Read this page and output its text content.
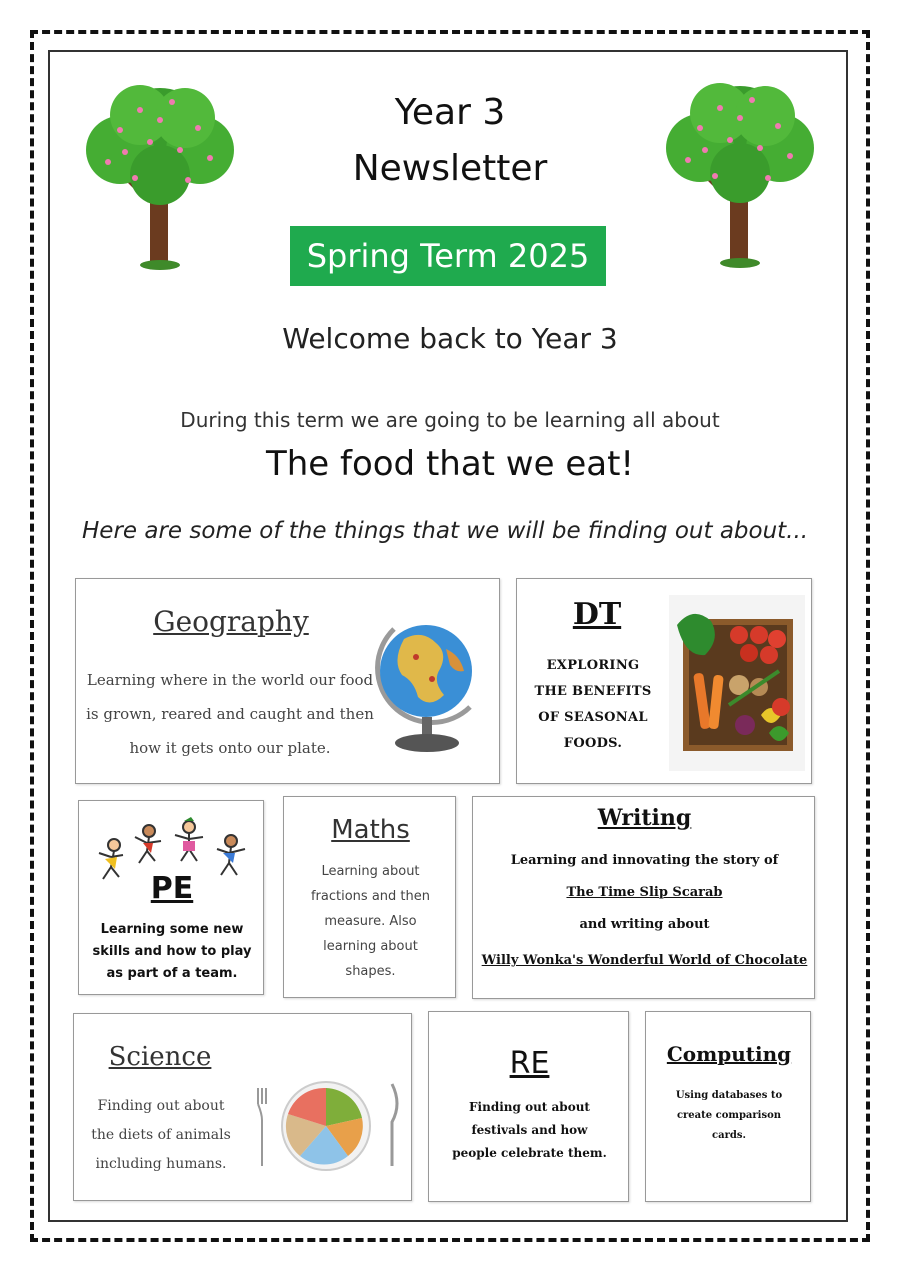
Year 3
Newsletter
Spring Term 2025
Welcome back to Year 3
During this term we are going to be learning all about
The food that we eat!
Here are some of the things that we will be finding out about...
Geography
Learning where in the world our food
is grown, reared and caught and then
how it gets onto our plate.
DT
EXPLORING
THE BENEFITS
OF SEASONAL
FOODS.
PE
Learning some new
skills and how to play
as part of a team.
Maths
Learning about
fractions and then
measure. Also
learning about
shapes.
Writing
Learning and innovating the story of
The Time Slip Scarab
and writing about
Willy Wonka's Wonderful World of Chocolate
Science
Finding out about
the diets of animals
including humans.
RE
Finding out about
festivals and how
people celebrate them.
Computing
Using databases to
create comparison
cards.
